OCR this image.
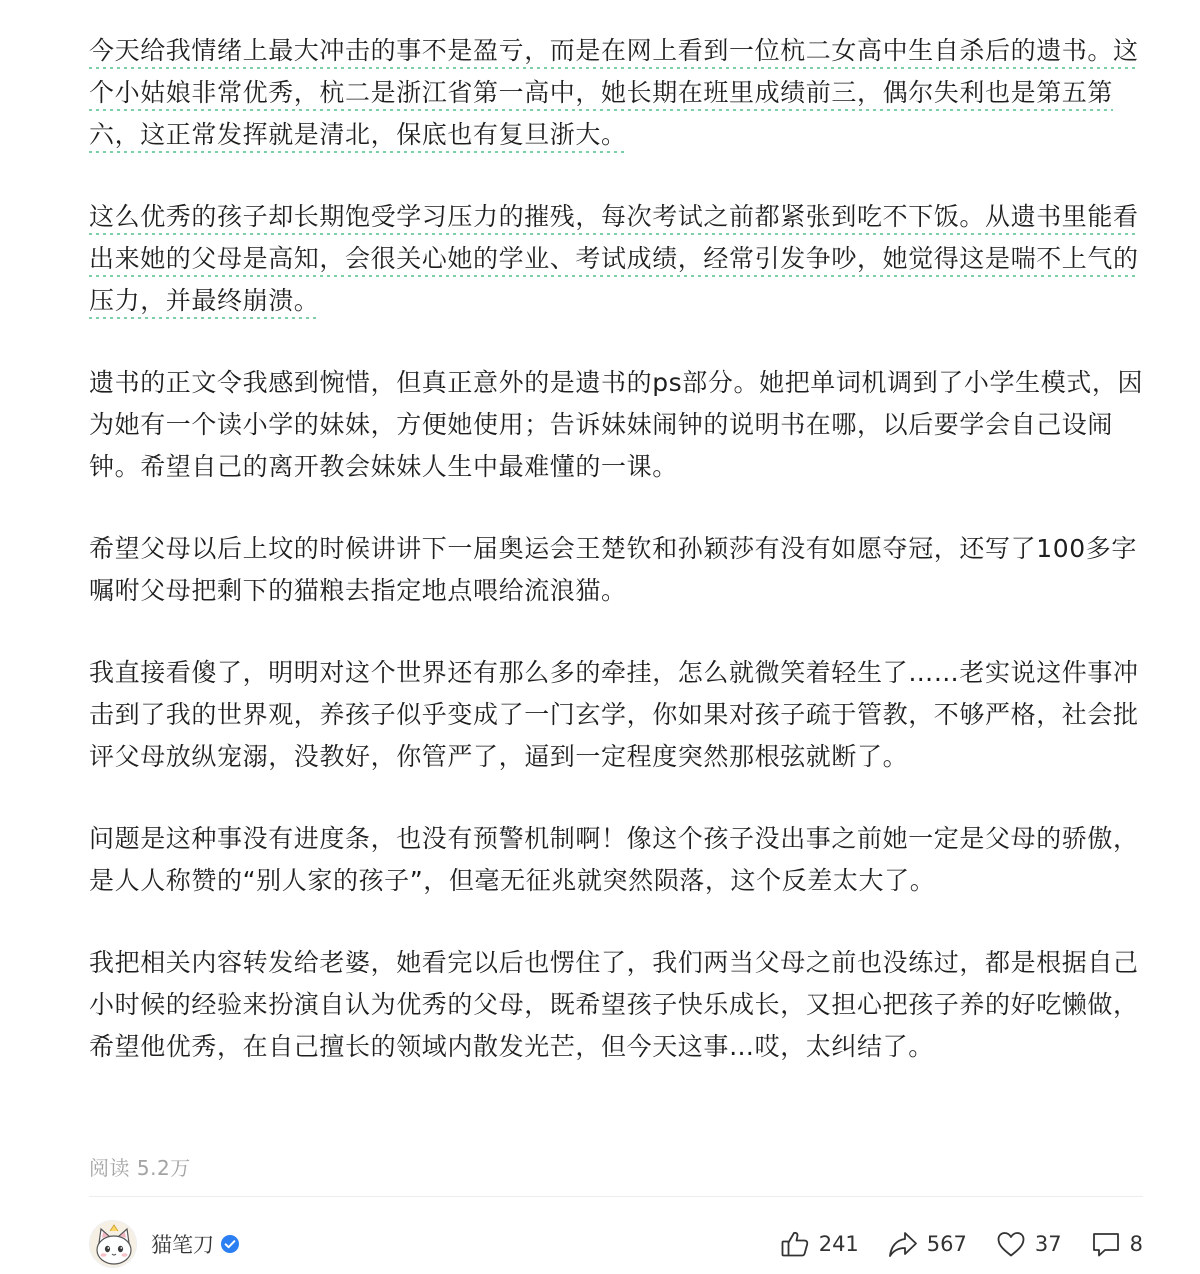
今天给我情绪上最大冲击的事不是盈亏，而是在网上看到一位杭二女高中生自杀后的遗书。这个小姑娘非常优秀，杭二是浙江省第一高中，她长期在班里成绩前三，偶尔失利也是第五第六，这正常发挥就是清北，保底也有复旦浙大。

这么优秀的孩子却长期饱受学习压力的摧残，每次考试之前都紧张到吃不下饭。从遗书里能看出来她的父母是高知，会很关心她的学业、考试成绩，经常引发争吵，她觉得这是喘不上气的压力，并最终崩溃。

遗书的正文令我感到惋惜，但真正意外的是遗书的ps部分。她把单词机调到了小学生模式，因为她有一个读小学的妹妹，方便她使用；告诉妹妹闹钟的说明书在哪，以后要学会自己设闹钟。希望自己的离开教会妹妹人生中最难懂的一课。

希望父母以后上坟的时候讲讲下一届奥运会王楚钦和孙颖莎有没有如愿夺冠，还写了100多字嘱咐父母把剩下的猫粮去指定地点喂给流浪猫。

我直接看傻了，明明对这个世界还有那么多的牵挂，怎么就微笑着轻生了……老实说这件事冲击到了我的世界观，养孩子似乎变成了一门玄学，你如果对孩子疏于管教，不够严格，社会批评父母放纵宠溺，没教好，你管严了，逼到一定程度突然那根弦就断了。

问题是这种事没有进度条，也没有预警机制啊！像这个孩子没出事之前她一定是父母的骄傲，是人人称赞的“别人家的孩子”，但毫无征兆就突然陨落，这个反差太大了。

我把相关内容转发给老婆，她看完以后也愣住了，我们两当父母之前也没练过，都是根据自己小时候的经验来扮演自认为优秀的父母，既希望孩子快乐成长，又担心把孩子养的好吃懒做，希望他优秀，在自己擅长的领域内散发光芒，但今天这事…哎，太纠结了。

阅读 5.2万
猫笔刀	241	567	37	8
